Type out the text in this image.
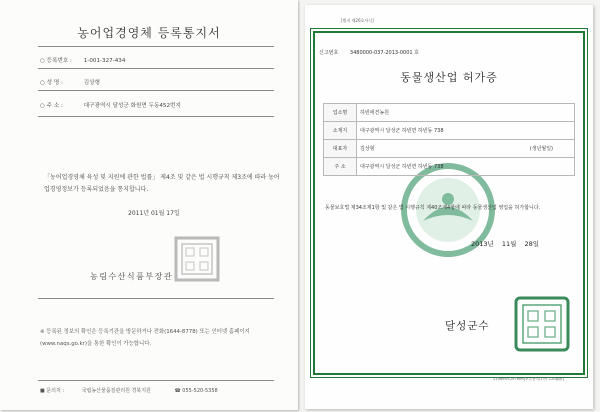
농어업경영체 등록통지서
○ 등록번호 : 1-001-327-434
○ 성 명 :	김상형
○ 주 소 :	대구광역시 달성군 화원면 두동452번지
「농어업경영체 육성 및 지원에 관한 법률」 제4조 및 같은 법 시행규칙 제3조에 따라 농어업경영정보가 등록되었음을 통지합니다.
2011년 01월 17일
농림수산식품부장관
※ 등록된 정보의 확인은 등록기관을 방문하거나 전화(1644-8778) 또는 인터넷 홈페이지(www.naqs.go.kr)을 통한 확인이 가능합니다.
■ 문의처 :	국립농산물품질관리원 경북지원	☎ 055-520-5358
[별지 제20호서식]
신고번호 3480000-037-2013-0001 호
동물생산업 허가증
업소명	하빈애견농원
소재지	대구광역시 달성군 하빈면 하빈동 738
대표자	김상형 (생년월일)

주 소	대구광역시 달성군 하빈면 하빈동 738
동물보호법 제34조제1항 및 같은 법 시행규칙 제40조제4항에 따라 동물생산업 영업을 허가합니다.
2013년 11월 28일
달성군수
210mm×297mm[보존용지(1종) 120g/㎡]
